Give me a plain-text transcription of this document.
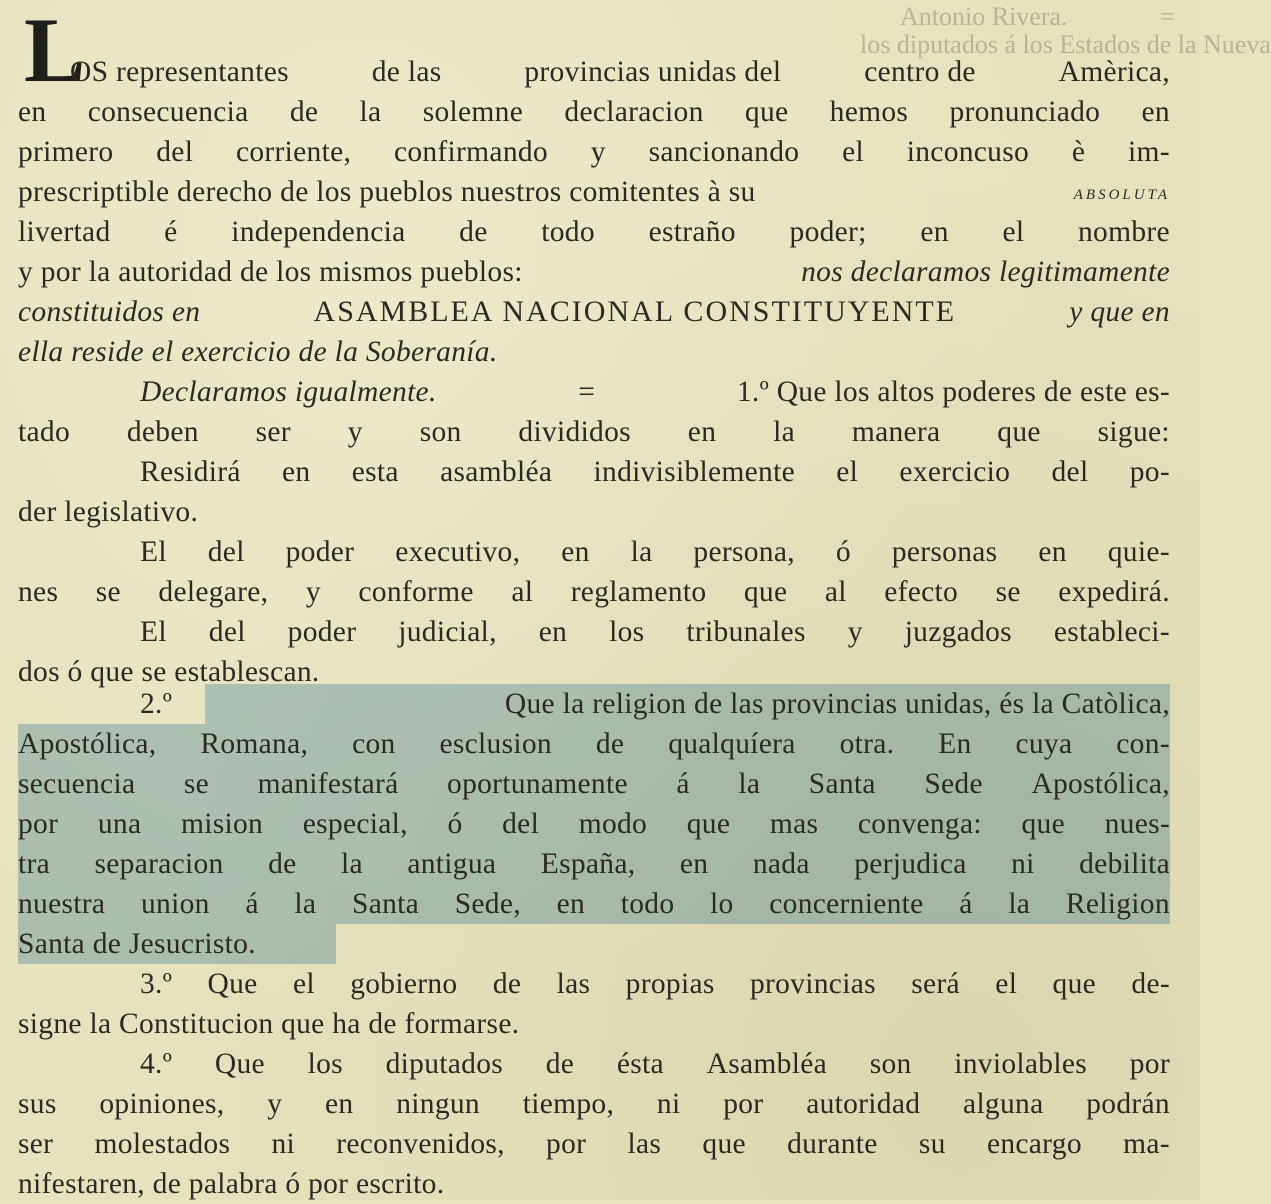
Antonio Rivera.
los diputados á los Estados de la Nueva
=
L
OS representantes	de las	provincias unidas del	centro de	Amèrica,
en consecuencia de la solemne declaracion que hemos pronunciado en
primero del corriente, confirmando y sancionando el inconcuso è im-
prescriptible derecho de los pueblos nuestros comitentes à su	absoluta
livertad é independencia de todo estraño poder; en el nombre
y por la autoridad de los mismos pueblos:	nos declaramos legitimamente
constituidos en	ASAMBLEA NACIONAL CONSTITUYENTE	y que en
ella reside el exercicio de la Soberanía.
Declaramos igualmente.	=	1.º Que los altos poderes de este es-
tado deben ser y son divididos en la manera que sigue:
Residirá en esta asambléa indivisiblemente el exercicio del po-
der legislativo.
El del poder executivo, en la persona, ó personas en quie-
nes se delegare, y conforme al reglamento que al efecto se expedirá.
El del poder judicial, en los tribunales y juzgados estableci-
dos ó que se establescan.
2.º	Que la religion de las provincias unidas, és la Catòlica,
Apostólica, Romana, con esclusion de qualquíera otra. En cuya con-
secuencia se manifestará oportunamente á la Santa Sede Apostólica,
por una mision especial, ó del modo que mas convenga: que nues-
tra separacion de la antigua España, en nada perjudica ni debilita
nuestra union á la Santa Sede, en todo lo concerniente á la Religion
Santa de Jesucristo.
3.º Que el gobierno de las propias provincias será el que de-
signe la Constitucion que ha de formarse.
4.º Que los diputados de ésta Asambléa son inviolables por
sus opiniones, y en ningun tiempo, ni por autoridad alguna podrán
ser molestados ni reconvenidos, por las que durante su encargo ma-
nifestaren, de palabra ó por escrito.
